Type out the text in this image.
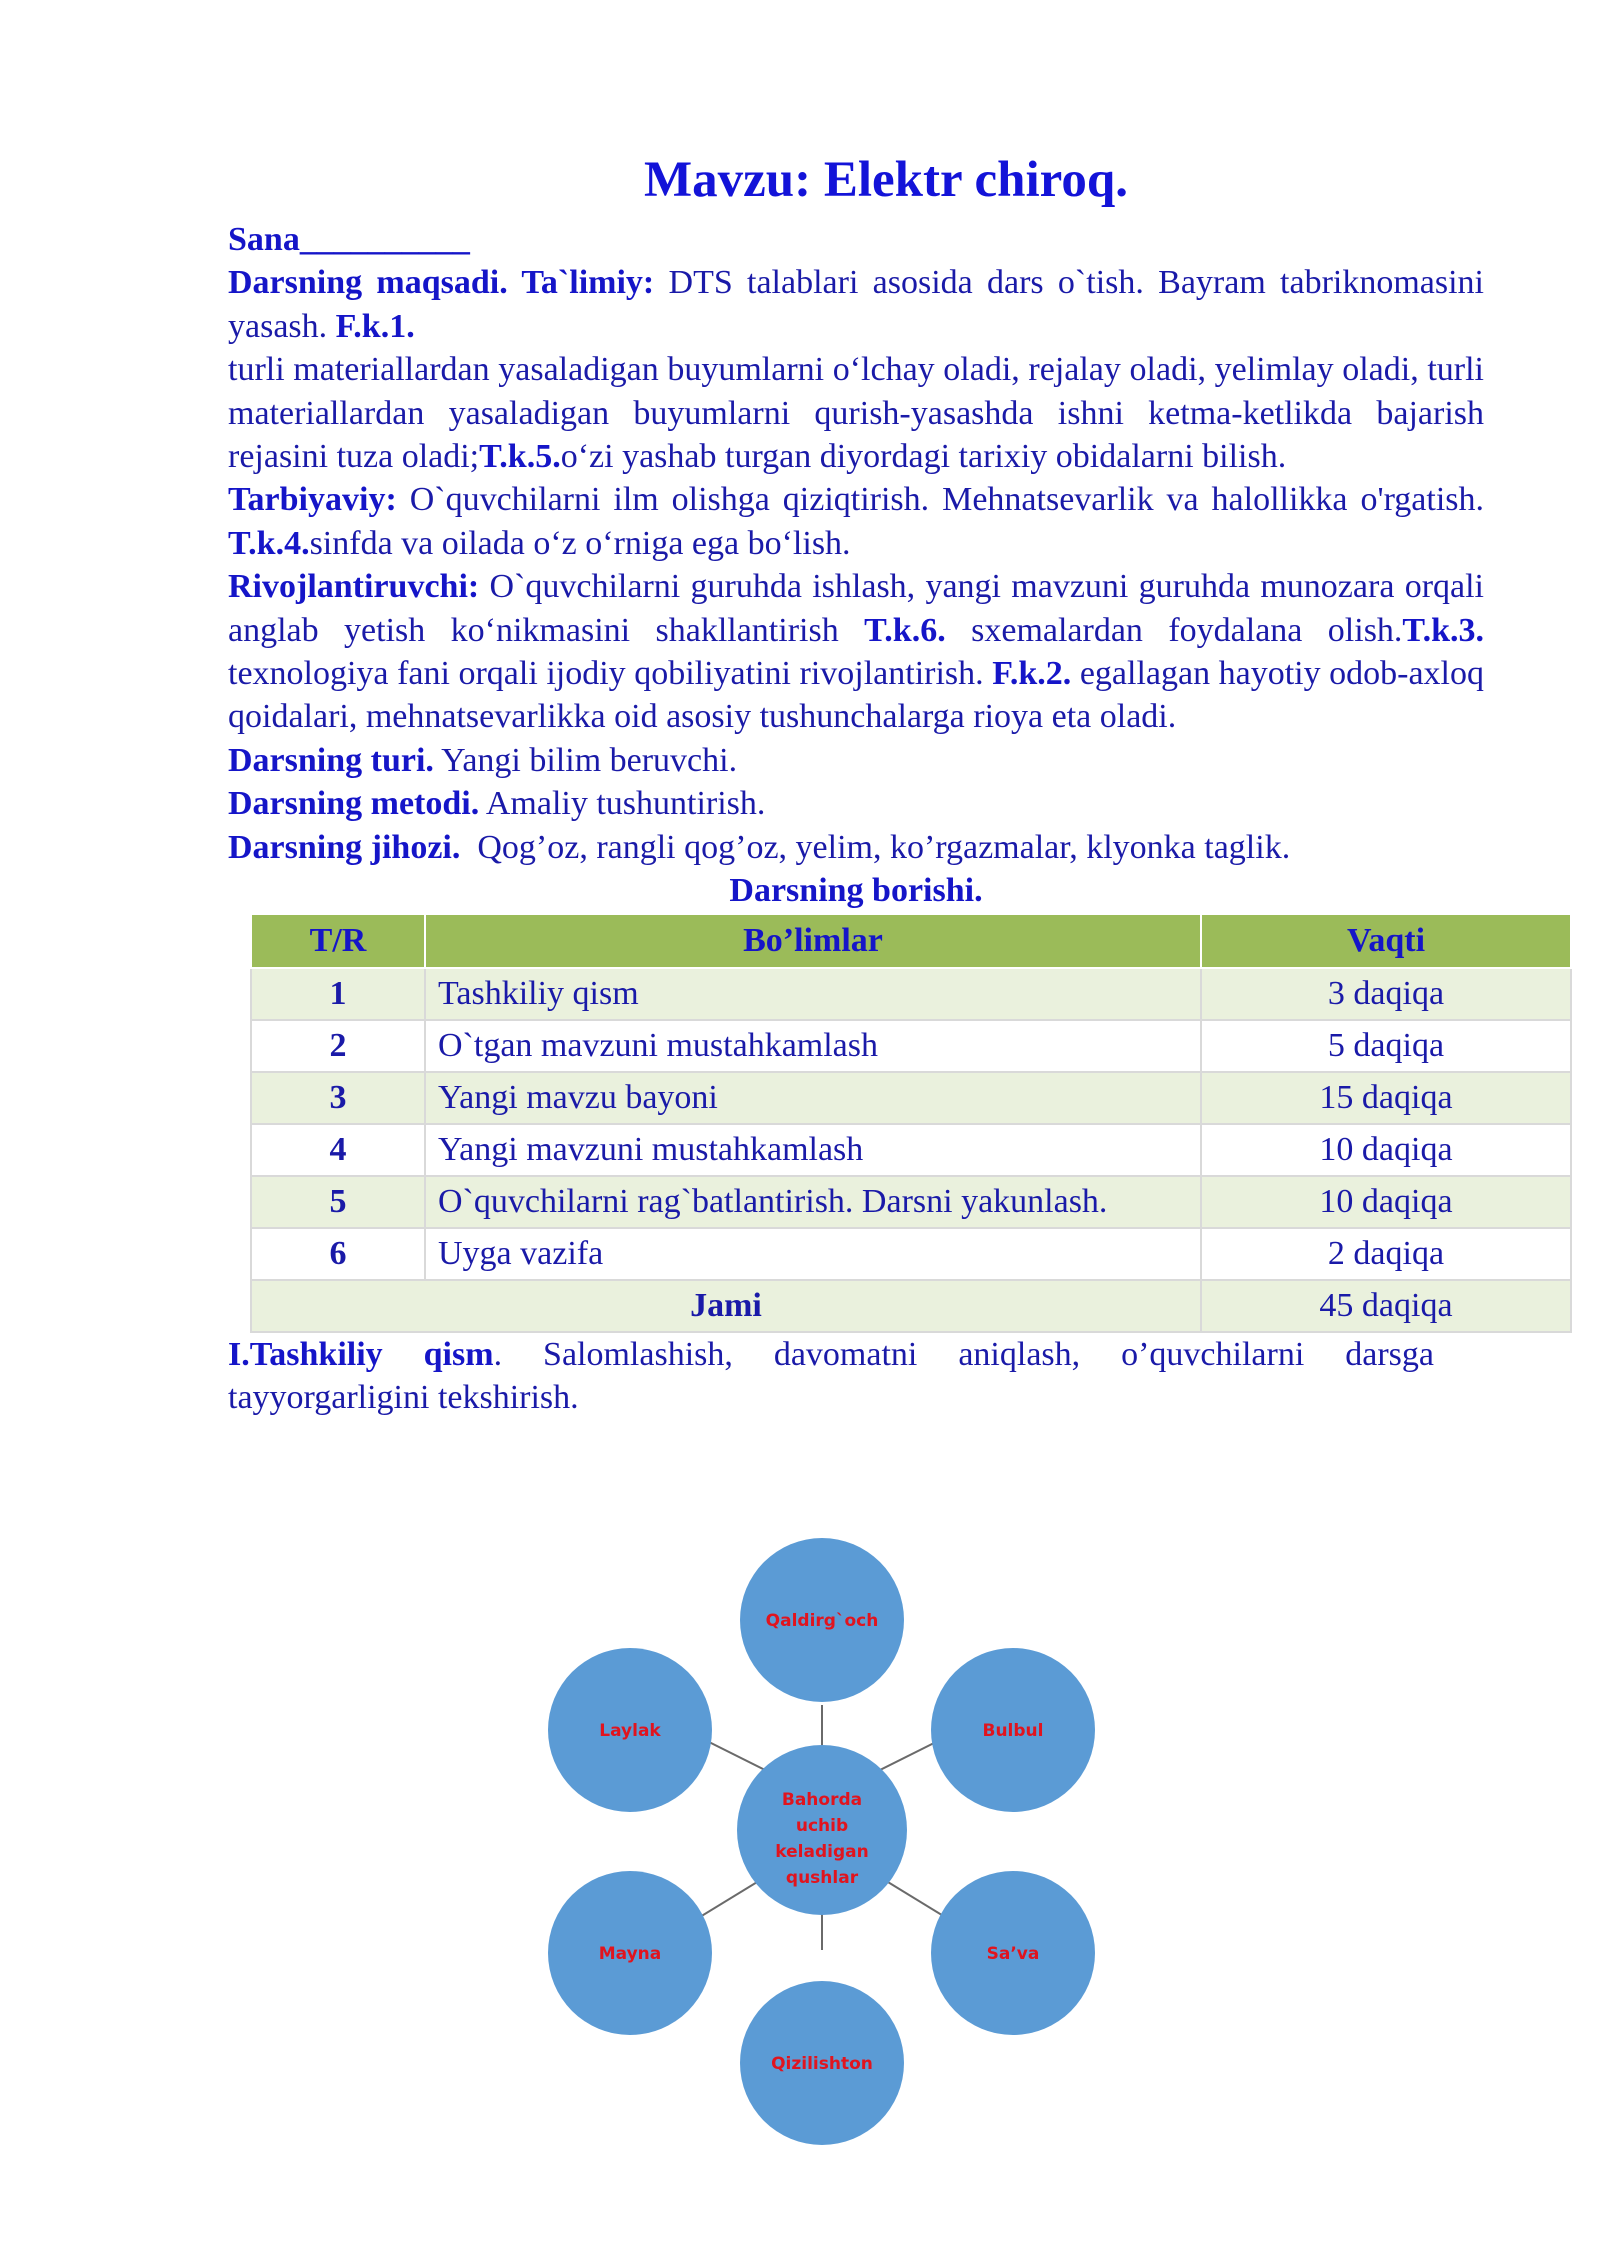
Mavzu: Elektr chiroq.

Sana__________

Darsning maqsadi. Ta`limiy: DTS talablari asosida dars o`tish. Bayram tabriknomasini yasash. F.k.1.

turli materiallardan yasaladigan buyumlarni o‘lchay oladi, rejalay oladi, yelimlay oladi, turli materiallardan yasaladigan buyumlarni qurish-yasashda ishni ketma-ketlikda bajarish rejasini tuza oladi;T.k.5.o‘zi yashab turgan diyordagi tarixiy obidalarni bilish.

Tarbiyaviy: O`quvchilarni ilm olishga qiziqtirish. Mehnatsevarlik va halollikka o'rgatish. T.k.4.sinfda va oilada o‘z o‘rniga ega bo‘lish.

Rivojlantiruvchi: O`quvchilarni guruhda ishlash, yangi mavzuni guruhda munozara orqali anglab yetish ko‘nikmasini shakllantirish T.k.6. sxemalardan foydalana olish.T.k.3. texnologiya fani orqali ijodiy qobiliyatini rivojlantirish. F.k.2. egallagan hayotiy odob-axloq qoidalari, mehnatsevarlikka oid asosiy tushunchalarga rioya eta oladi.

Darsning turi. Yangi bilim beruvchi.

Darsning metodi. Amaliy tushuntirish.

Darsning jihozi. Qog’oz, rangli qog’oz, yelim, ko’rgazmalar, klyonka taglik.

Darsning borishi.

T/R	Bo’limlar	Vaqti
1	Tashkiliy qism	3 daqiqa
2	O`tgan mavzuni mustahkamlash	5 daqiqa
3	Yangi mavzu bayoni	15 daqiqa
4	Yangi mavzuni mustahkamlash	10 daqiqa
5	O`quvchilarni rag`batlantirish. Darsni yakunlash.	10 daqiqa
6	Uyga vazifa	2 daqiqa
Jami		45 daqiqa

I.Tashkiliy qism. Salomlashish, davomatni aniqlash, o’quvchilarni darsga tayyorgarligini tekshirish.

Qaldirg`och
Bulbul
Sa’va
Qizilishton
Mayna
Laylak
Bahorda
uchib
keladigan
qushlar
